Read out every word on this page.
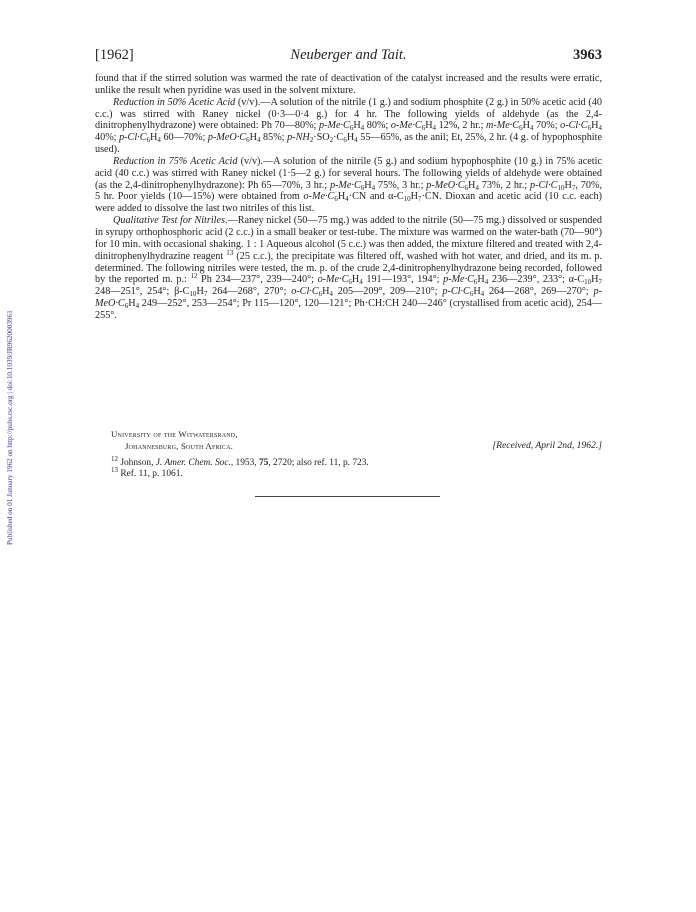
Published on 01 January 1962 on http://pubs.rsc.org | doi:10.1039/JR9620003961
[1962]	Neuberger and Tait.	3963

found that if the stirred solution was warmed the rate of deactivation of the catalyst increased and the results were erratic, unlike the result when pyridine was used in the solvent mixture.

Reduction in 50% Acetic Acid (v/v).—A solution of the nitrile (1 g.) and sodium phosphite (2 g.) in 50% acetic acid (40 c.c.) was stirred with Raney nickel (0·3—0·4 g.) for 4 hr. The following yields of aldehyde (as the 2,4-dinitrophenylhydrazone) were obtained: Ph 70—80%; $p-Me\cdot C_6H_4$ 80%; $o-Me\cdot C_6H_4$ 12%, 2 hr.; $m-Me\cdot C_6H_4$ 70%; $o-Cl\cdot C_6H_4$ 40%; $p-Cl\cdot C_6H_4$ 60—70%; $p-MeO\cdot C_6H_4$ 85%; $p-NH_2\cdot SO_2\cdot C_6H_4$ 55—65%, as the anil; Et, 25%, 2 hr. (4 g. of hypophosphite used).

Reduction in 75% Acetic Acid (v/v).—A solution of the nitrile (5 g.) and sodium hypophosphite (10 g.) in 75% acetic acid (40 c.c.) was stirred with Raney nickel (1·5—2 g.) for several hours. The following yields of aldehyde were obtained (as the 2,4-dinitrophenylhydrazone): Ph 65—70%, 3 hr.; $p-Me\cdot C_6H_4$ 75%, 3 hr.; $p-MeO\cdot C_6H_4$ 73%, 2 hr.; $p-Cl\cdot C_{10}H_7$, 70%, 5 hr. Poor yields (10—15%) were obtained from $o-Me\cdot C_6H_4\cdot CN$ and $\alpha-C_{10}H_7\cdot CN$. Dioxan and acetic acid (10 c.c. each) were added to dissolve the last two nitriles of this list.

Qualitative Test for Nitriles.—Raney nickel (50—75 mg.) was added to the nitrile (50—75 mg.) dissolved or suspended in syrupy orthophosphoric acid (2 c.c.) in a small beaker or test-tube. The mixture was warmed on the water-bath (70—90°) for 10 min. with occasional shaking. 1 : 1 Aqueous alcohol (5 c.c.) was then added, the mixture filtered and treated with 2,4-dinitrophenylhydrazine reagent $^{13}$ (25 c.c.), the precipitate was filtered off, washed with hot water, and dried, and its m. p. determined. The following nitriles were tested, the m. p. of the crude 2,4-dinitrophenylhydrazone being recorded, followed by the reported m. p.: $^{12}$ Ph 234—237°, 239—240°; $o-Me\cdot C_6H_4$ 191—193°, 194°; $p-Me\cdot C_6H_4$ 236—239°, 233°; $\alpha-C_{10}H_7$ 248—251°, 254°; $\beta-C_{10}H_7$ 264—268°, 270°; $o-Cl\cdot C_6H_4$ 205—209°, 209—210°; $p-Cl\cdot C_6H_4$ 264—268°, 269—270°; $p-MeO\cdot C_6H_4$ 249—252°, 253—254°; Pr 115—120°, 120—121°; Ph·CH:CH 240—246° (crystallised from acetic acid), 254—255°.

University of the Witwatersrand,
Johannesburg, South Africa.	[Received, April 2nd, 1962.]
$^{12}$ Johnson, J. Amer. Chem. Soc., 1953, 75, 2720; also ref. 11, p. 723.
$^{13}$ Ref. 11, p. 1061.
